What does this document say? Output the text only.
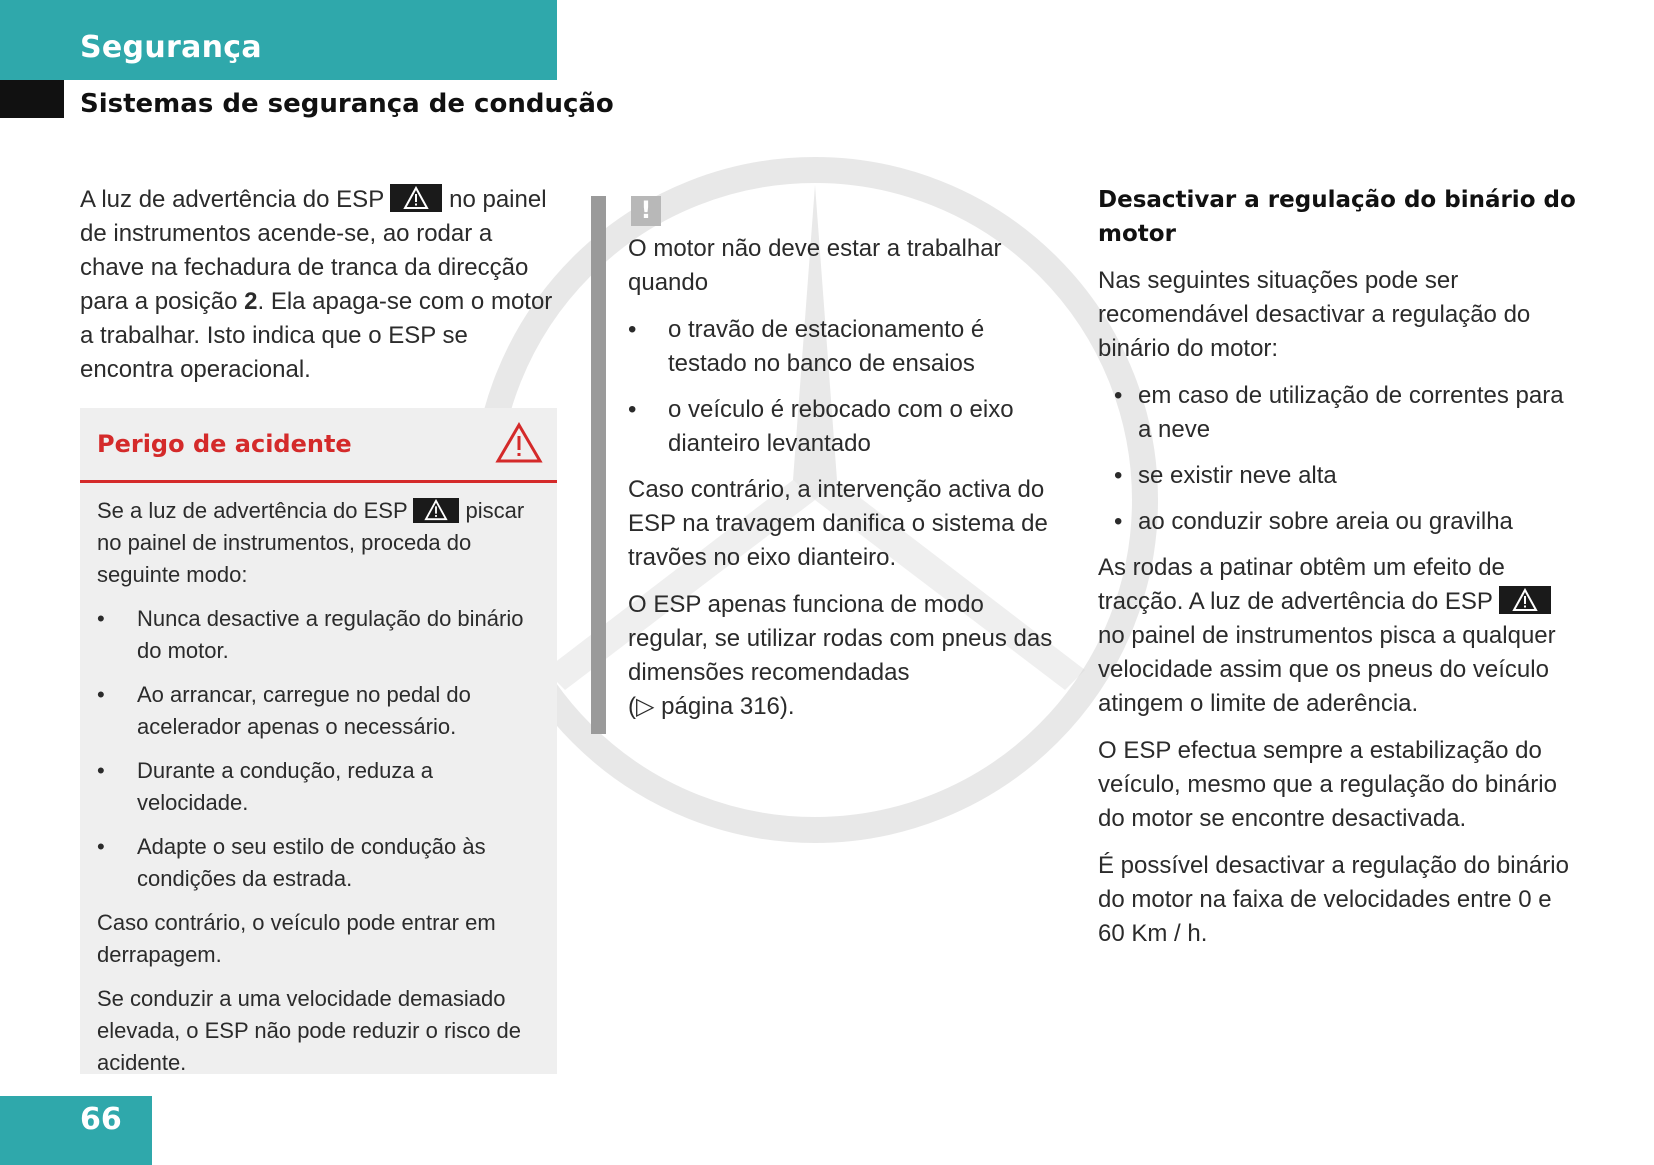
Segurança
Sistemas de segurança de condução

A luz de advertência do ESP	no painel de instrumentos acende-se, ao rodar a chave na fechadura de tranca da direcção para a posição 2. Ela apaga-se com o motor a trabalhar. Isto indica que o ESP se encontra operacional.

Perigo de acidente

Se a luz de advertência do ESP	piscar no painel de instrumentos, proceda do seguinte modo:

• Nunca desactive a regulação do binário do motor.
• Ao arrancar, carregue no pedal do acelerador apenas o necessário.
• Durante a condução, reduza a velocidade.
• Adapte o seu estilo de condução às condições da estrada.

Caso contrário, o veículo pode entrar em derrapagem.

Se conduzir a uma velocidade demasiado elevada, o ESP não pode reduzir o risco de acidente.

!

O motor não deve estar a trabalhar quando

• o travão de estacionamento é testado no banco de ensaios
• o veículo é rebocado com o eixo dianteiro levantado

Caso contrário, a intervenção activa do ESP na travagem danifica o sistema de travões no eixo dianteiro.

O ESP apenas funciona de modo regular, se utilizar rodas com pneus das dimensões recomendadas
(▷ página 316).

Desactivar a regulação do binário do motor

Nas seguintes situações pode ser recomendável desactivar a regulação do binário do motor:

• em caso de utilização de correntes para a neve
• se existir neve alta
• ao conduzir sobre areia ou gravilha

As rodas a patinar obtêm um efeito de tracção. A luz de advertência do ESP
no painel de instrumentos pisca a qualquer velocidade assim que os pneus do veículo atingem o limite de aderência.

O ESP efectua sempre a estabilização do veículo, mesmo que a regulação do binário do motor se encontre desactivada.

É possível desactivar a regulação do binário do motor na faixa de velocidades entre 0 e 60 Km / h.

66
